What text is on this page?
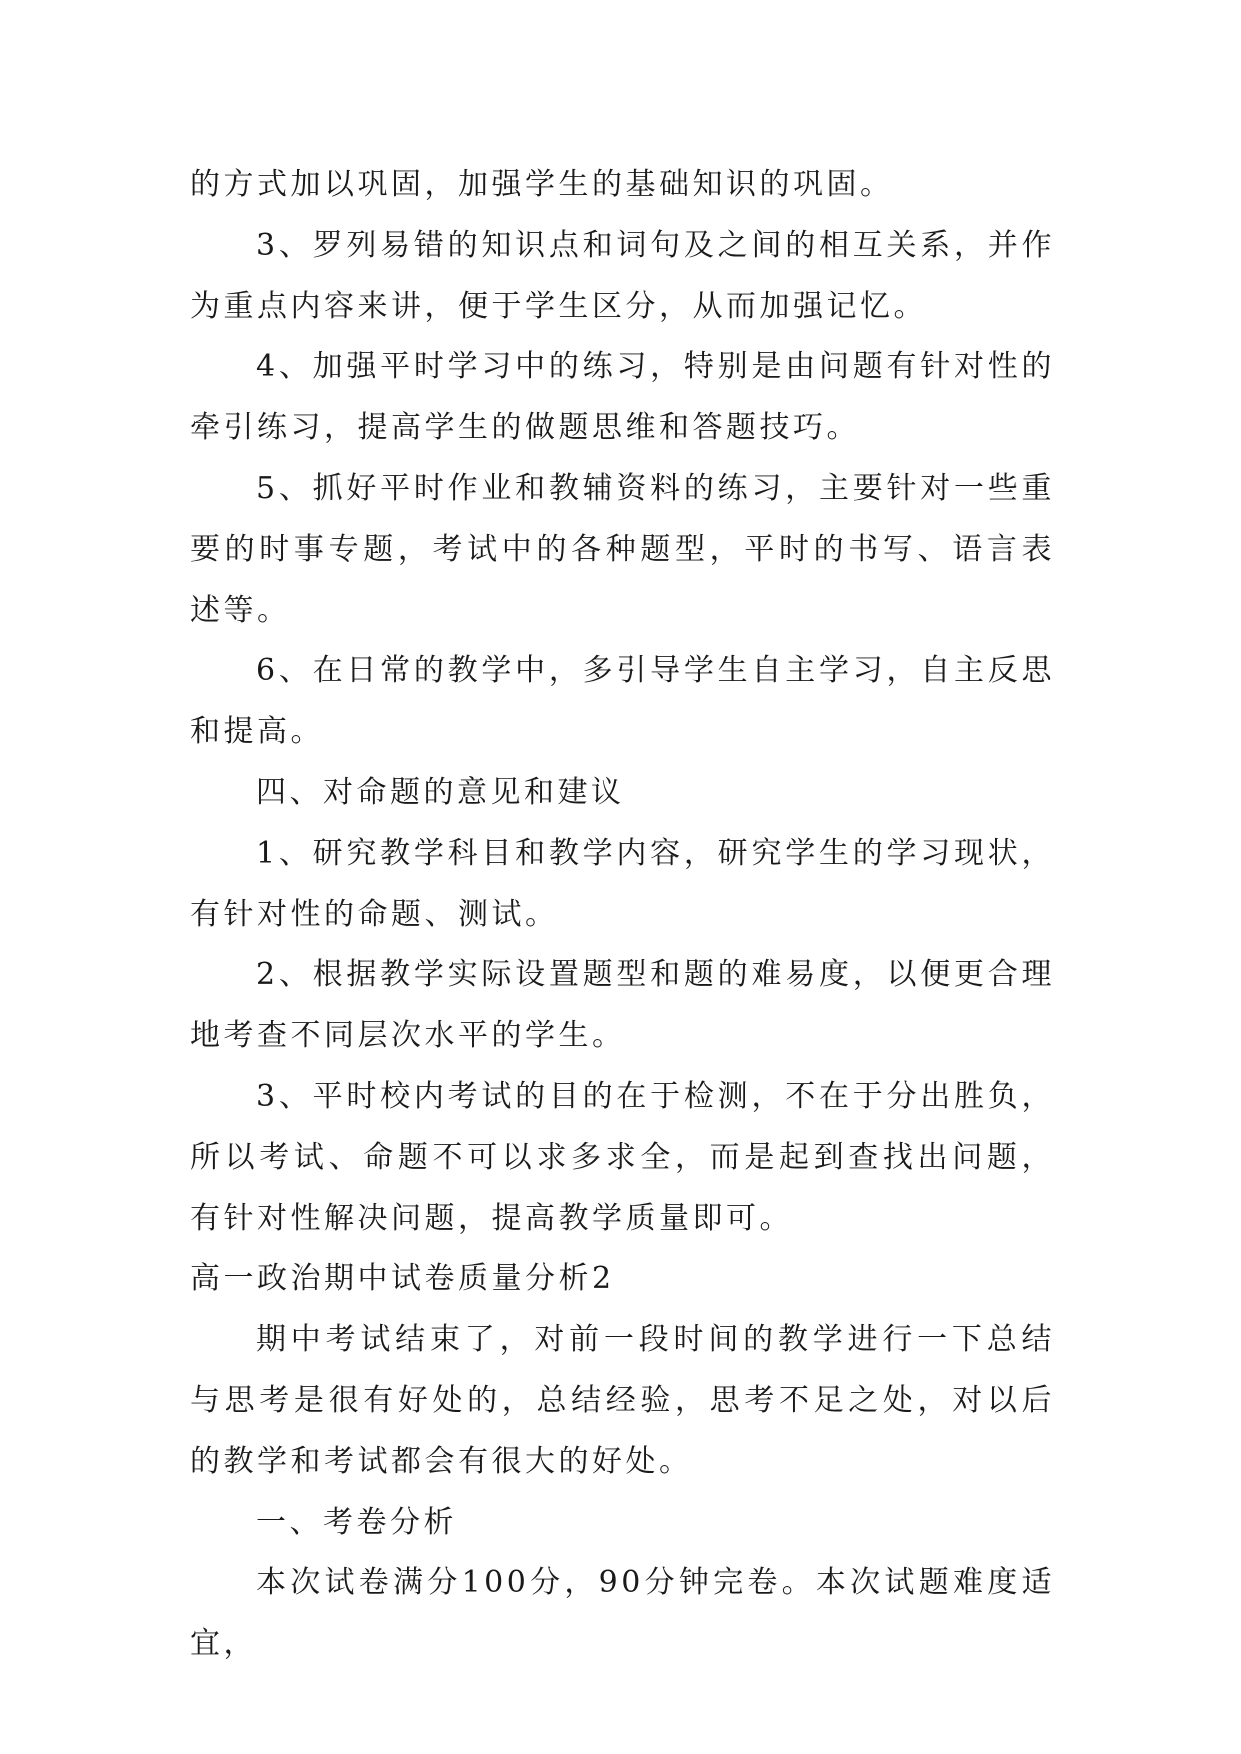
的方式加以巩固，加强学生的基础知识的巩固。

3、罗列易错的知识点和词句及之间的相互关系，并作为重点内容来讲，便于学生区分，从而加强记忆。

4、加强平时学习中的练习，特别是由问题有针对性的牵引练习，提高学生的做题思维和答题技巧。

5、抓好平时作业和教辅资料的练习，主要针对一些重要的时事专题，考试中的各种题型，平时的书写、语言表述等。

6、在日常的教学中，多引导学生自主学习，自主反思和提高。

四、对命题的意见和建议

1、研究教学科目和教学内容，研究学生的学习现状，有针对性的命题、测试。

2、根据教学实际设置题型和题的难易度，以便更合理地考查不同层次水平的学生。

3、平时校内考试的目的在于检测，不在于分出胜负，所以考试、命题不可以求多求全，而是起到查找出问题，有针对性解决问题，提高教学质量即可。

高一政治期中试卷质量分析2

期中考试结束了，对前一段时间的教学进行一下总结与思考是很有好处的，总结经验，思考不足之处，对以后的教学和考试都会有很大的好处。

一、考卷分析

本次试卷满分100分，90分钟完卷。本次试题难度适宜，
